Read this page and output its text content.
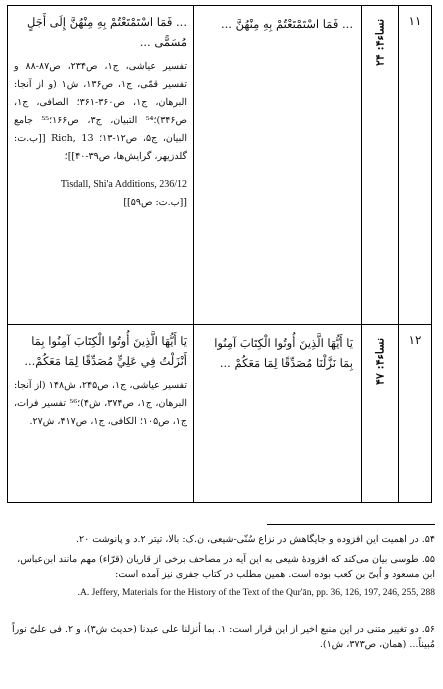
۱۱	نساء۴: ۲۴	... فَمَا اسْتَمْتَعْتُمْ بِهِ مِنْهُنَّ ...	... فَمَا اسْتَمْتَعْتُمْ بِهِ مِنْهُنَّ إِلَى أَجَلٍ مُسَمًّى ...
تفسیر عیاشی، ج۱، ص۲۳۴، ص۸۷-۸۸ و تفسیر قمّی، ج۱، ص۱۳۶، ش۱ (و از آنجا: البرهان، ج۱، ص۳۶۰-۳۶۱؛ الصافی، ج۱، ص۳۴۶)؛⁵⁴ التبیان، ج۳، ص۱۶۶؛⁵⁵ جامع البیان، ج۵، ص۱۲-۱۳؛ Rich, 13 [[ب.ت: گلدزیهر، گرایش‌ها، ص۳۹-۴۰]]؛
Tisdall, Shi'a Additions, 236/12
[[ب.ت: ص۵۹]]

۱۲	نساء۴: ۴۷	يَا أَيُّهَا الَّذِينَ أُوتُوا الْكِتَابَ آمِنُوا بِمَا نَزَّلْنَا مُصَدِّقًا لِمَا مَعَكُمْ ...	يَا أَيُّهَا الَّذِينَ أُوتُوا الْكِتَابَ آمِنُوا بِمَا أَنْزَلْتُ فِي عَلِيٍّ مُصَدِّقًا لِمَا مَعَكُمْ...
تفسیر عیاشی، ج۱، ص۲۴۵، ش۱۴۸ (از آنجا: البرهان، ج۱، ص۳۷۴، ش۴)؛⁵⁶ تفسیر فرات، ج۱، ص۱۰۵؛ الکافی، ج۱، ص۴۱۷، ش۲۷.
۵۴. در اهمیت این افزوده و جایگاهش در نزاع سُنّی-شیعی، ن.ک: بالا، تیتر ۲.د و پانوشت ۲۰.
۵۵. طوسی بیان می‌کند که افزودهٔ شیعی به این آیه در مصاحف برخی از قاریان (قرّاء) مهم مانند ابن‌عباس، ابن مسعود و اُبیّ بن کعب بوده است. همین مطلب در کتاب جفری نیز آمده است:
A. Jeffery, Materials for the History of the Text of the Qur'ān, pp. 36, 126, 197, 246, 255, 288.
۵۶. دو تغییر متنی در این منبع اخیر از این قرار است: ۱. بما أنزلنا علی عبدنا (حدیث ش۳)، و ۲. فی علیّ نوراً مُبیناً... (همان، ص۳۷۳، ش۱).
